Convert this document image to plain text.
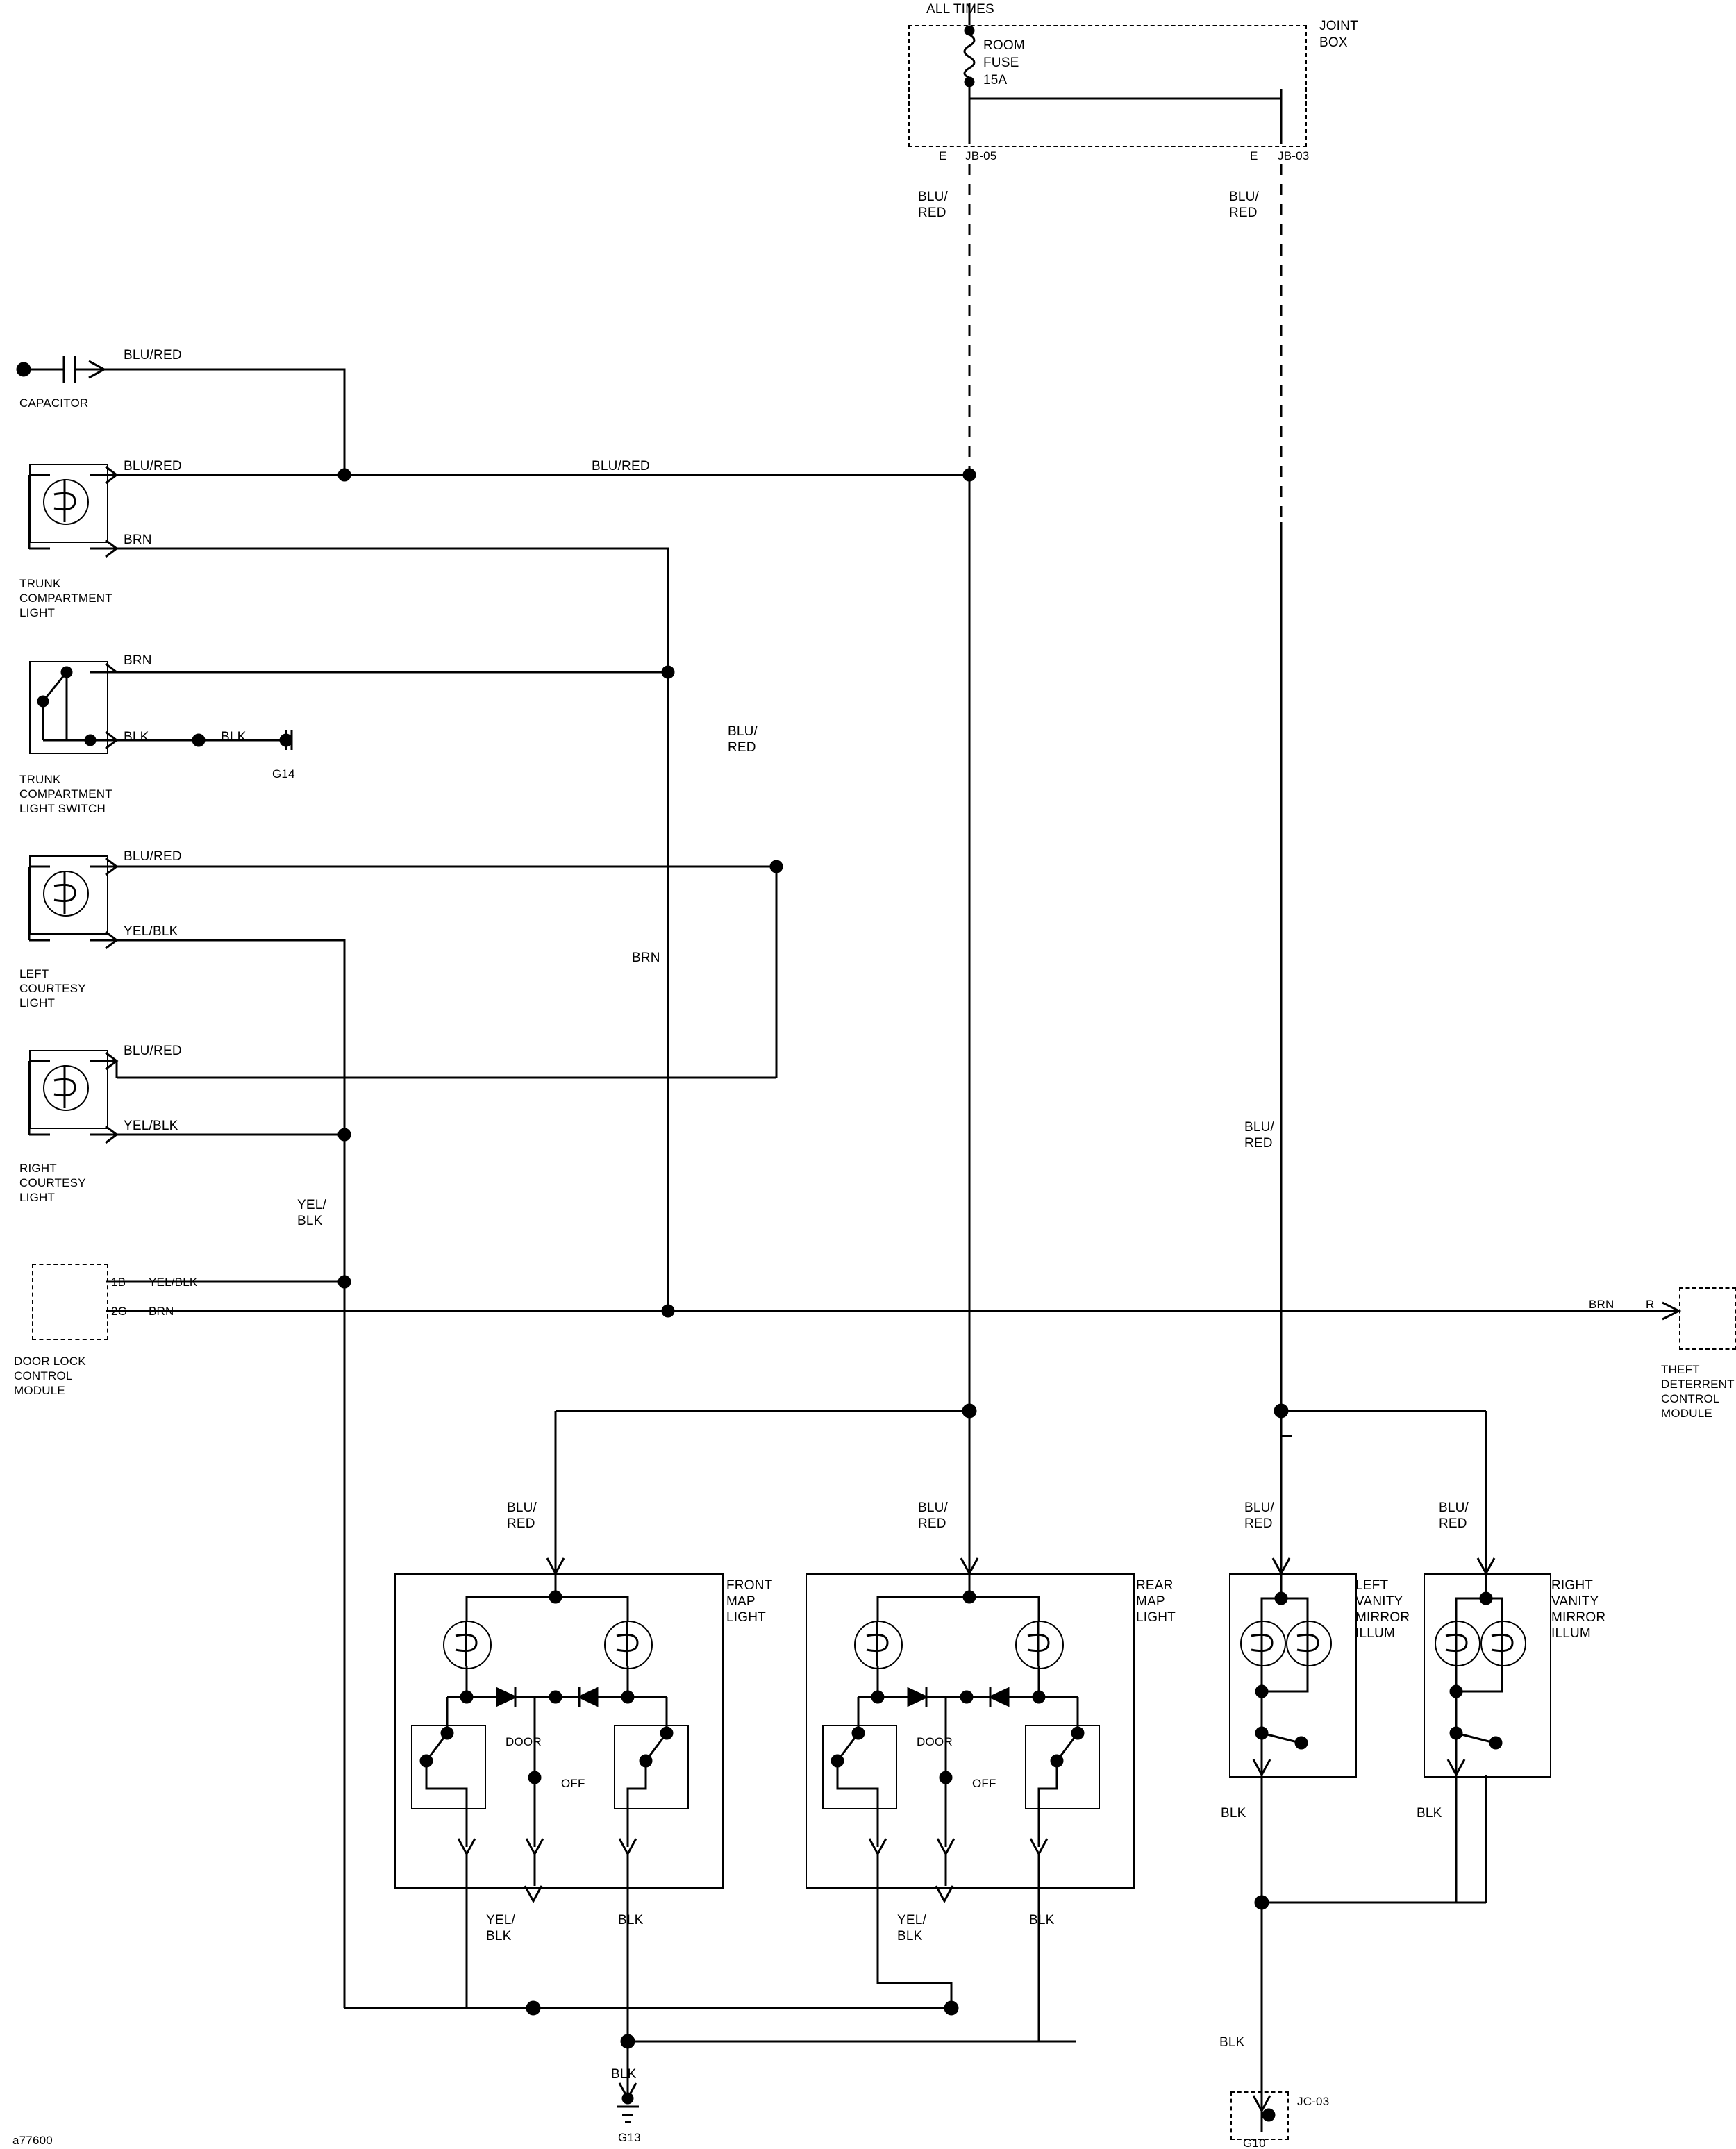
ALL TIMES
JOINT
BOX
ROOM
FUSE
15A
E JB-05	E JB-03
BLU/
RED
BLU/
RED
CAPACITOR
BLU/RED
BLU/RED
BRN
TRUNK
COMPARTMENT
LIGHT
BLU/RED
BRN
BLK	BLK
G14
TRUNK
COMPARTMENT
LIGHT SWITCH
BLU/RED
YEL/BLK
LEFT
COURTESY
LIGHT
BLU/RED
YEL/BLK
RIGHT
COURTESY
LIGHT
BLU/
RED
BRN
YEL/
BLK
BLU/
RED
1B YEL/BLK
2G BRN
DOOR LOCK
CONTROL
MODULE
BRN	R
THEFT
DETERRENT
CONTROL
MODULE
DOOR
OFF
FRONT
MAP
LIGHT
BLU/
RED
YEL/
BLK
BLK
DOOR
OFF
REAR
MAP
LIGHT
BLU/
RED
YEL/
BLK
BLK
LEFT
VANITY
MIRROR
ILLUM
BLU/
RED
BLK
RIGHT
VANITY
MIRROR
ILLUM
BLU/
RED
BLK
BLK
G13
BLK
JC-03
G10
a77600
